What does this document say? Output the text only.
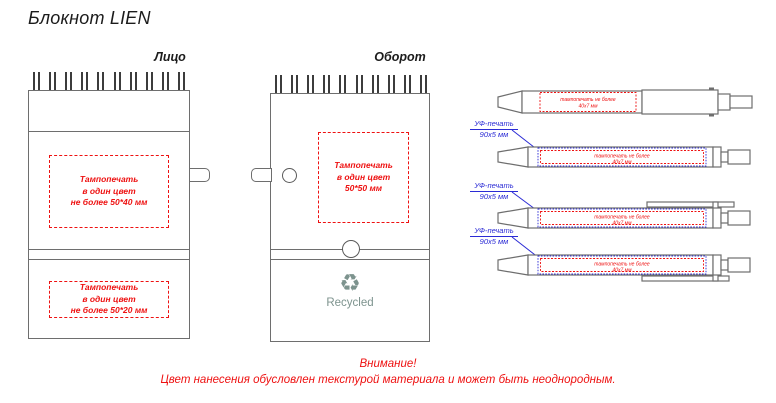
Блокнот LIEN
Лицо	Оборот
Тампопечать
в один цвет
не более 50*40 мм
Тампопечать
в один цвет
не более 50*20 мм
Тампопечать
в один цвет
50*50 мм
♻
Recycled
тампопечать не более
40х7 мм
тампопечать не более
40х7 мм
тампопечать не более
40х7 мм
тампопечать не более
40х7 мм
УФ-печать
90х5 мм
УФ-печать
90х5 мм
УФ-печать
90х5 мм
Внимание!
Цвет нанесения обусловлен текстурой материала и может быть неоднородным.
